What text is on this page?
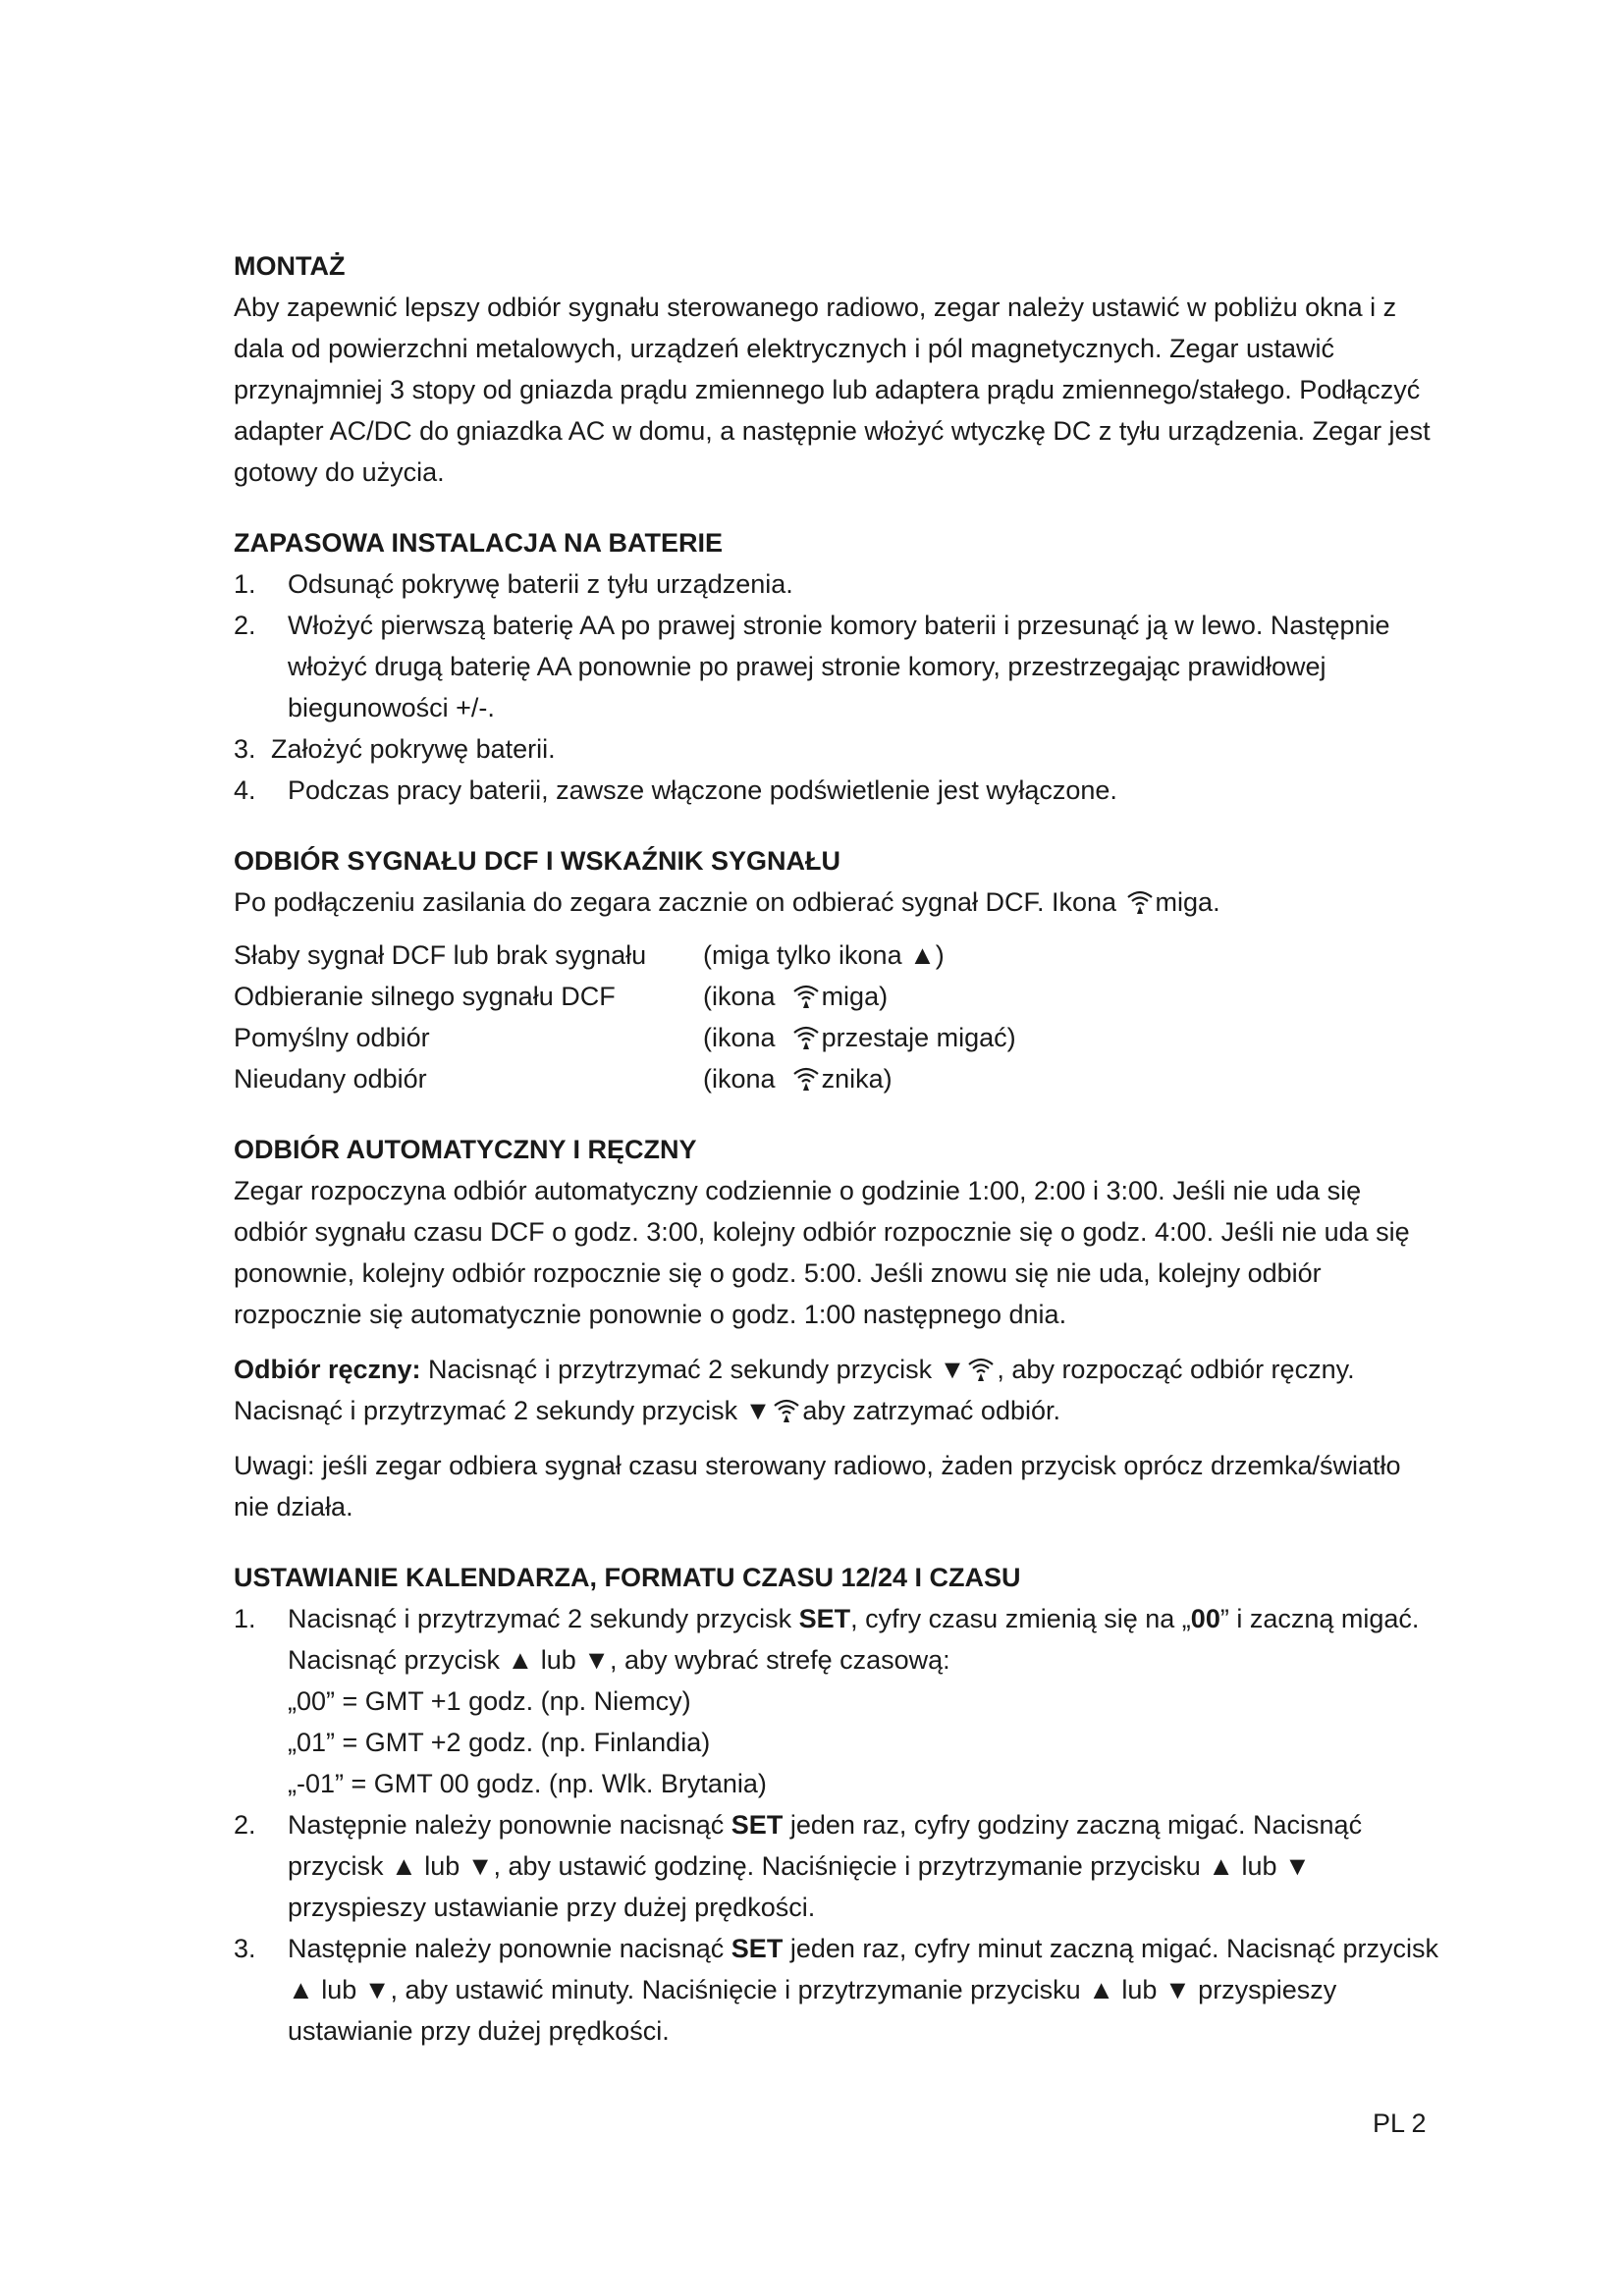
MONTAŻ

Aby zapewnić lepszy odbiór sygnału sterowanego radiowo, zegar należy ustawić w pobliżu okna i z dala od powierzchni metalowych, urządzeń elektrycznych i pól magnetycznych. Zegar ustawić przynajmniej 3 stopy od gniazda prądu zmiennego lub adaptera prądu zmiennego/stałego. Podłączyć adapter AC/DC do gniazdka AC w domu, a następnie włożyć wtyczkę DC z tyłu urządzenia. Zegar jest gotowy do użycia.

ZAPASOWA INSTALACJA NA BATERIE
1. Odsunąć pokrywę baterii z tyłu urządzenia.
2. Włożyć pierwszą baterię AA po prawej stronie komory baterii i przesunąć ją w lewo. Następnie włożyć drugą baterię AA ponownie po prawej stronie komory, przestrzegając prawidłowej biegunowości +/-.
3. Założyć pokrywę baterii.
4. Podczas pracy baterii, zawsze włączone podświetlenie jest wyłączone.
ODBIÓR SYGNAŁU DCF I WSKAŹNIK SYGNAŁU

Po podłączeniu zasilania do zegara zacznie on odbierać sygnał DCF. Ikona miga.

Słaby sygnał DCF lub brak sygnału	(miga tylko ikona ▲)
Odbieranie silnego sygnału DCF	(ikona  miga)
Pomyślny odbiór	(ikona  przestaje migać)
Nieudany odbiór	(ikona  znika)
ODBIÓR AUTOMATYCZNY I RĘCZNY

Zegar rozpoczyna odbiór automatyczny codziennie o godzinie 1:00, 2:00 i 3:00. Jeśli nie uda się odbiór sygnału czasu DCF o godz. 3:00, kolejny odbiór rozpocznie się o godz. 4:00. Jeśli nie uda się ponownie, kolejny odbiór rozpocznie się o godz. 5:00. Jeśli znowu się nie uda, kolejny odbiór rozpocznie się automatycznie ponownie o godz. 1:00 następnego dnia.

Odbiór ręczny: Nacisnąć i przytrzymać 2 sekundy przycisk ▼ , aby rozpocząć odbiór ręczny.
Nacisnąć i przytrzymać 2 sekundy przycisk ▼ aby zatrzymać odbiór.

Uwagi: jeśli zegar odbiera sygnał czasu sterowany radiowo, żaden przycisk oprócz drzemka/światło nie działa.

USTAWIANIE KALENDARZA, FORMATU CZASU 12/24 I CZASU
1. Nacisnąć i przytrzymać 2 sekundy przycisk SET, cyfry czasu zmienią się na „00” i zaczną migać. Nacisnąć przycisk ▲ lub ▼, aby wybrać strefę czasową:
„00” = GMT +1 godz. (np. Niemcy)
„01” = GMT +2 godz. (np. Finlandia)
„-01” = GMT 00 godz. (np. Wlk. Brytania)
2. Następnie należy ponownie nacisnąć SET jeden raz, cyfry godziny zaczną migać. Nacisnąć przycisk ▲ lub ▼, aby ustawić godzinę. Naciśnięcie i przytrzymanie przycisku ▲ lub ▼ przyspieszy ustawianie przy dużej prędkości.
3. Następnie należy ponownie nacisnąć SET jeden raz, cyfry minut zaczną migać. Nacisnąć przycisk ▲ lub ▼, aby ustawić minuty. Naciśnięcie i przytrzymanie przycisku ▲ lub ▼ przyspieszy ustawianie przy dużej prędkości.
PL 2
